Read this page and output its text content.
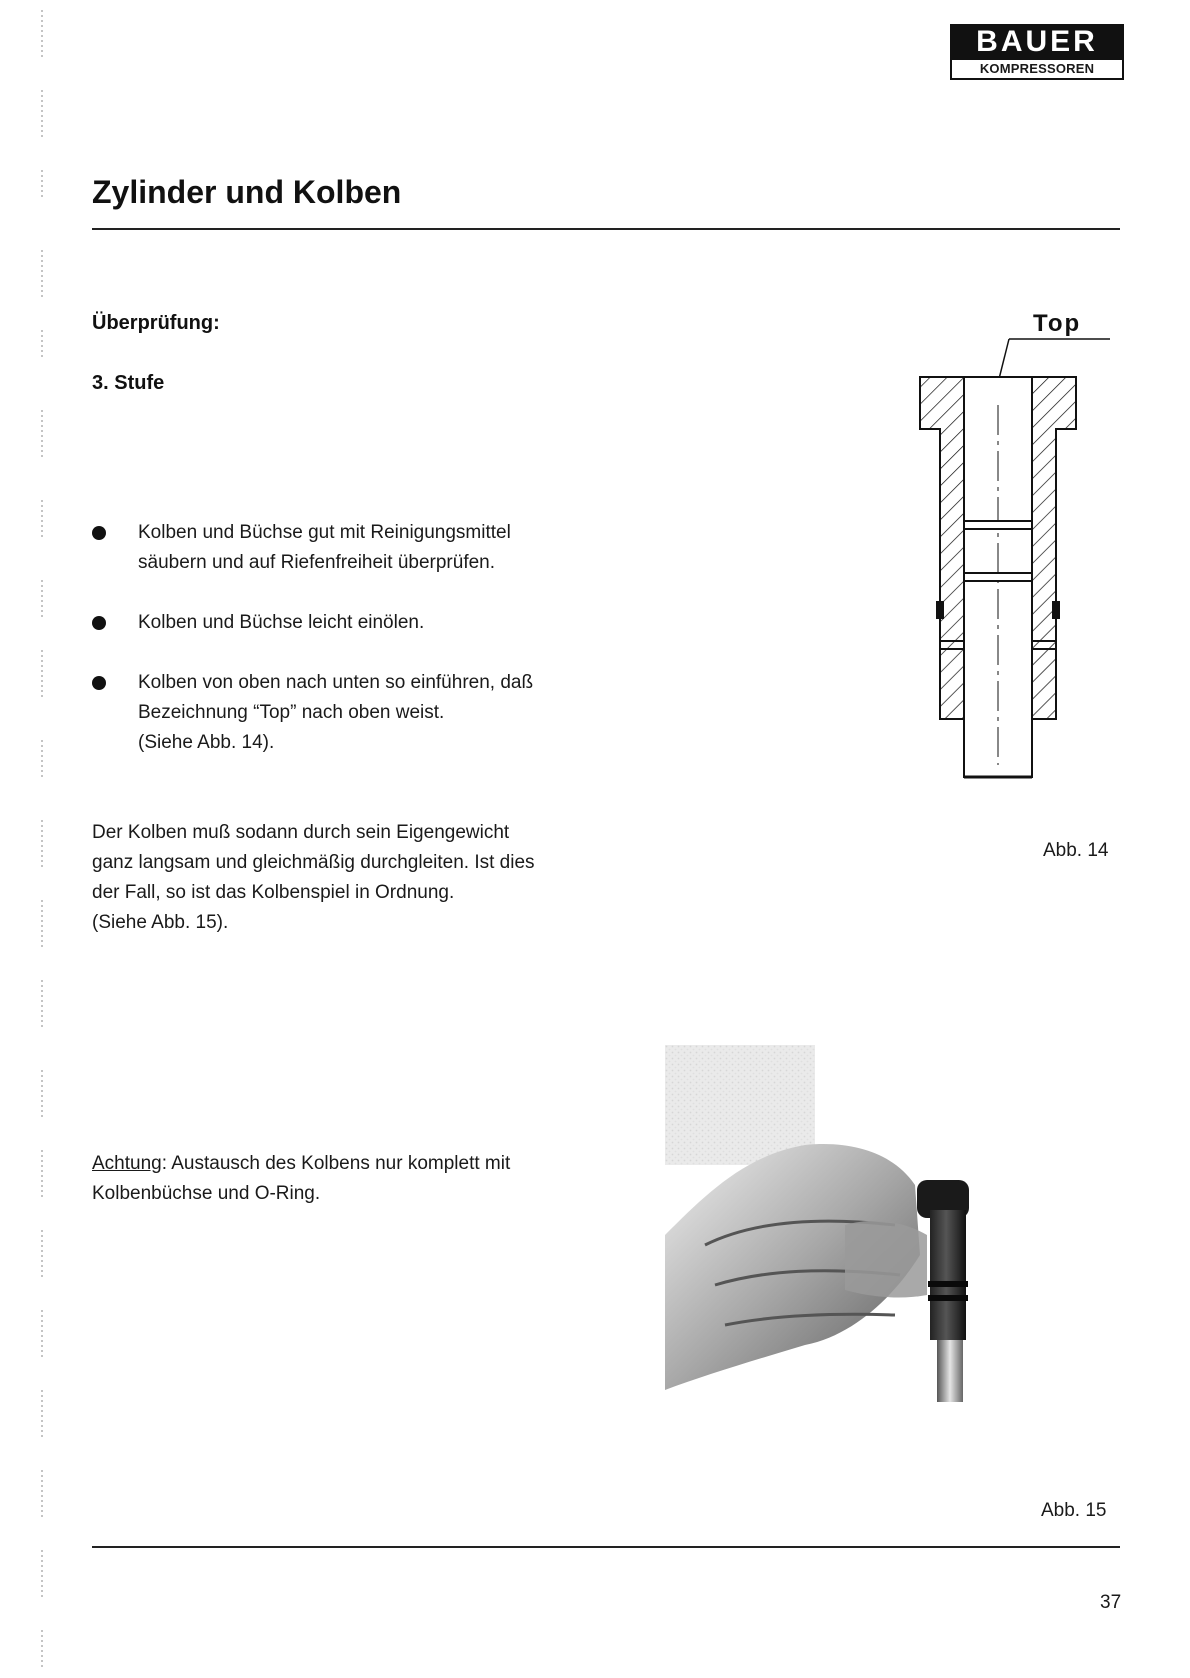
BAUER
KOMPRESSOREN
Zylinder und Kolben
Überprüfung:
3. Stufe
Kolben und Büchse gut mit Reinigungsmittel
säubern und auf Riefenfreiheit überprüfen.
Kolben und Büchse leicht einölen.
Kolben von oben nach unten so einführen, daß
Bezeichnung “Top” nach oben weist.
(Siehe Abb. 14).
Der Kolben muß sodann durch sein Eigengewicht
ganz langsam und gleichmäßig durchgleiten. Ist dies
der Fall, so ist das Kolbenspiel in Ordnung.
(Siehe Abb. 15).
Achtung: Austausch des Kolbens nur komplett mit
Kolbenbüchse und O-Ring.
Top
Abb. 14
Abb. 15
37
